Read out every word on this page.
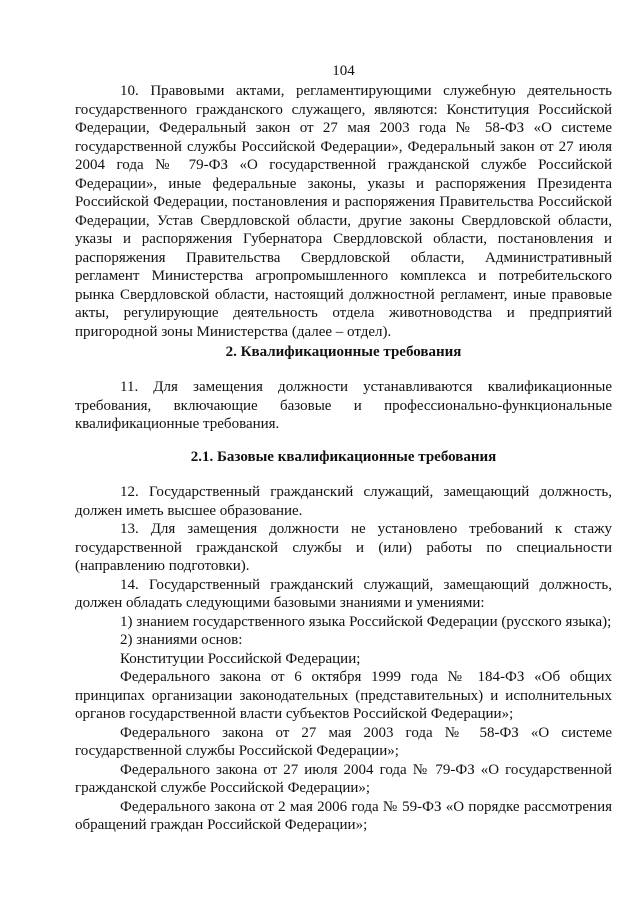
104

10. Правовыми актами, регламентирующими служебную деятельность государственного гражданского служащего, являются: Конституция Российской Федерации, Федеральный закон от 27 мая 2003 года № 58-ФЗ «О системе государственной службы Российской Федерации», Федеральный закон от 27 июля 2004 года № 79-ФЗ «О государственной гражданской службе Российской Федерации», иные федеральные законы, указы и распоряжения Президента Российской Федерации, постановления и распоряжения Правительства Российской Федерации, Устав Свердловской области, другие законы Свердловской области, указы и распоряжения Губернатора Свердловской области, постановления и распоряжения Правительства Свердловской области, Административный регламент Министерства агропромышленного комплекса и потребительского рынка Свердловской области, настоящий должностной регламент, иные правовые акты, регулирующие деятельность отдела животноводства и предприятий пригородной зоны Министерства (далее – отдел).

2. Квалификационные требования

11. Для замещения должности устанавливаются квалификационные требования, включающие базовые и профессионально-функциональные квалификационные требования.

2.1. Базовые квалификационные требования

12. Государственный гражданский служащий, замещающий должность, должен иметь высшее образование.

13. Для замещения должности не установлено требований к стажу государственной гражданской службы и (или) работы по специальности (направлению подготовки).

14. Государственный гражданский служащий, замещающий должность, должен обладать следующими базовыми знаниями и умениями:

1) знанием государственного языка Российской Федерации (русского языка);

2) знаниями основ:

Конституции Российской Федерации;

Федерального закона от 6 октября 1999 года № 184-ФЗ «Об общих принципах организации законодательных (представительных) и исполнительных органов государственной власти субъектов Российской Федерации»;

Федерального закона от 27 мая 2003 года № 58-ФЗ «О системе государственной службы Российской Федерации»;

Федерального закона от 27 июля 2004 года № 79-ФЗ «О государственной гражданской службе Российской Федерации»;

Федерального закона от 2 мая 2006 года № 59-ФЗ «О порядке рассмотрения обращений граждан Российской Федерации»;
